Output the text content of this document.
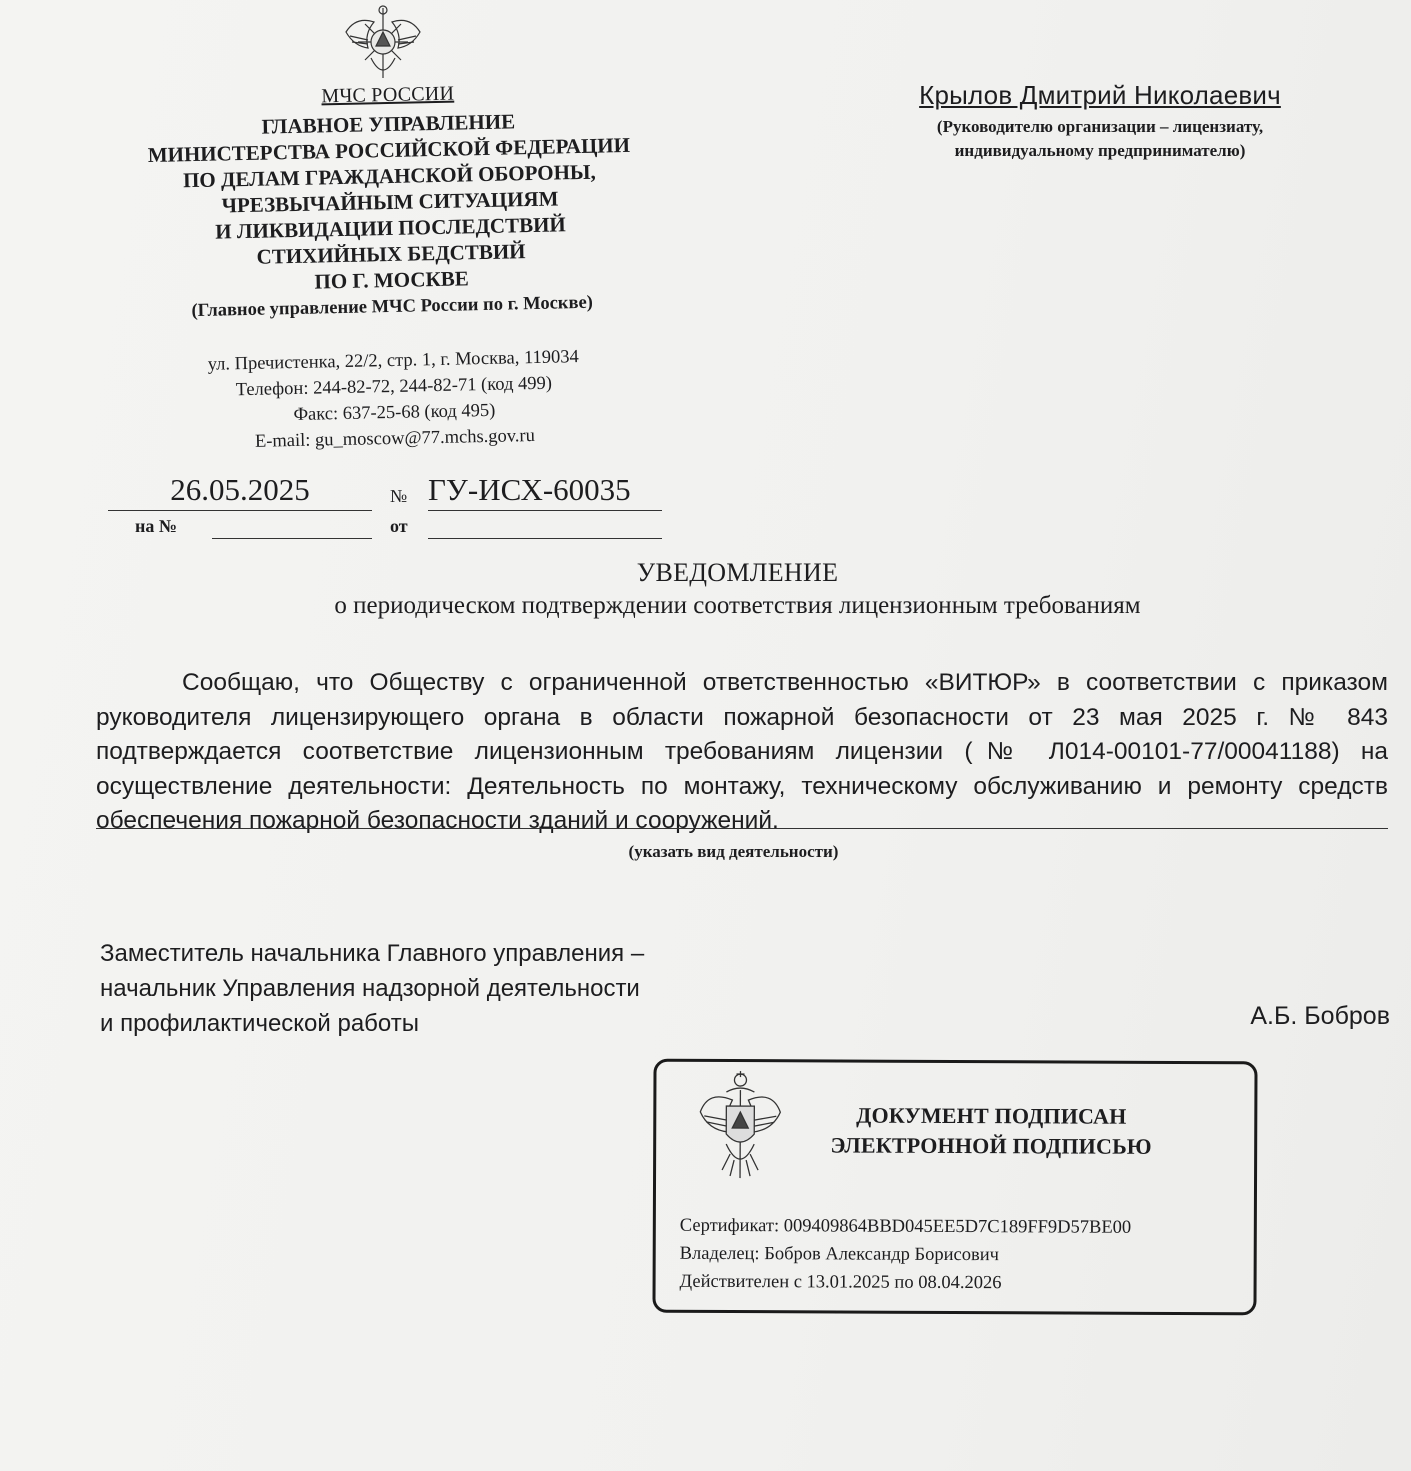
МЧС РОССИИ
ГЛАВНОЕ УПРАВЛЕНИЕ
МИНИСТЕРСТВА РОССИЙСКОЙ ФЕДЕРАЦИИ
ПО ДЕЛАМ ГРАЖДАНСКОЙ ОБОРОНЫ,
ЧРЕЗВЫЧАЙНЫМ СИТУАЦИЯМ
И ЛИКВИДАЦИИ ПОСЛЕДСТВИЙ
СТИХИЙНЫХ БЕДСТВИЙ
ПО Г. МОСКВЕ
(Главное управление МЧС России по г. Москве)
ул. Пречистенка, 22/2, стр. 1, г. Москва, 119034
Телефон: 244-82-72, 244-82-71 (код 499)
Факс: 637-25-68 (код 495)
E-mail: gu_moscow@77.mchs.gov.ru
Крылов Дмитрий Николаевич
(Руководителю организации – лицензиату,
индивидуальному предпринимателю)
26.05.2025	№ ГУ-ИСХ-60035
на №	от
УВЕДОМЛЕНИЕ
о периодическом подтверждении соответствия лицензионным требованиям
Сообщаю, что Обществу с ограниченной ответственностью «ВИТЮР» в соответствии с приказом руководителя лицензирующего органа в области пожарной безопасности от 23 мая 2025 г. № 843 подтверждается соответствие лицензионным требованиям лицензии (№ Л014-00101-77/00041188) на осуществление деятельности: Деятельность по монтажу, техническому обслуживанию и ремонту средств обеспечения пожарной безопасности зданий и сооружений.
(указать вид деятельности)
Заместитель начальника Главного управления –
начальник Управления надзорной деятельности
и профилактической работы	А.Б. Бобров
ДОКУМЕНТ ПОДПИСАН
ЭЛЕКТРОННОЙ ПОДПИСЬЮ
Сертификат: 009409864BBD045EE5D7C189FF9D57BE00
Владелец: Бобров Александр Борисович
Действителен с 13.01.2025 по 08.04.2026
